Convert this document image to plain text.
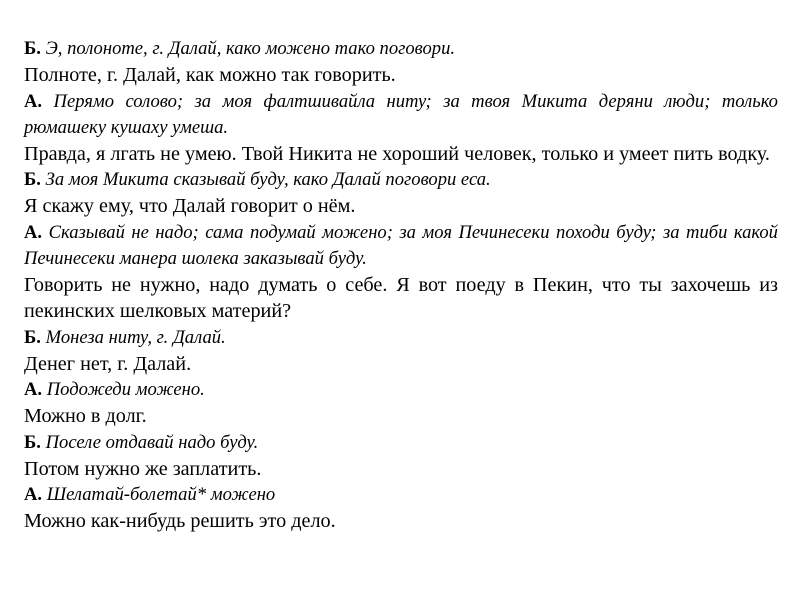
Б. Э, полоноте, г. Далай, како можено тако поговори.

Полноте, г. Далай, как можно так говорить.

А. Перямо солово; за моя фалтшивайла ниту; за твоя Микита деряни люди; только рюмашеку кушаху умеша.

Правда, я лгать не умею. Твой Никита не хороший человек, только и умеет пить водку.

Б. За моя Микита сказывай буду, како Далай поговори еса.

Я скажу ему, что Далай говорит о нём.

А. Сказывай не надо; сама подумай можено; за моя Печинесеки походи буду; за тиби какой Печинесеки манера шолека заказывай буду.

Говорить не нужно, надо думать о себе. Я вот поеду в Пекин, что ты захочешь из пекинских шелковых материй?

Б. Монеза ниту, г. Далай.

Денег нет, г. Далай.

А. Подожеди можено.

Можно в долг.

Б. Поселе отдавай надо буду.

Потом нужно же заплатить.

А. Шелатай-болетай* можено

Можно как-нибудь решить это дело.
